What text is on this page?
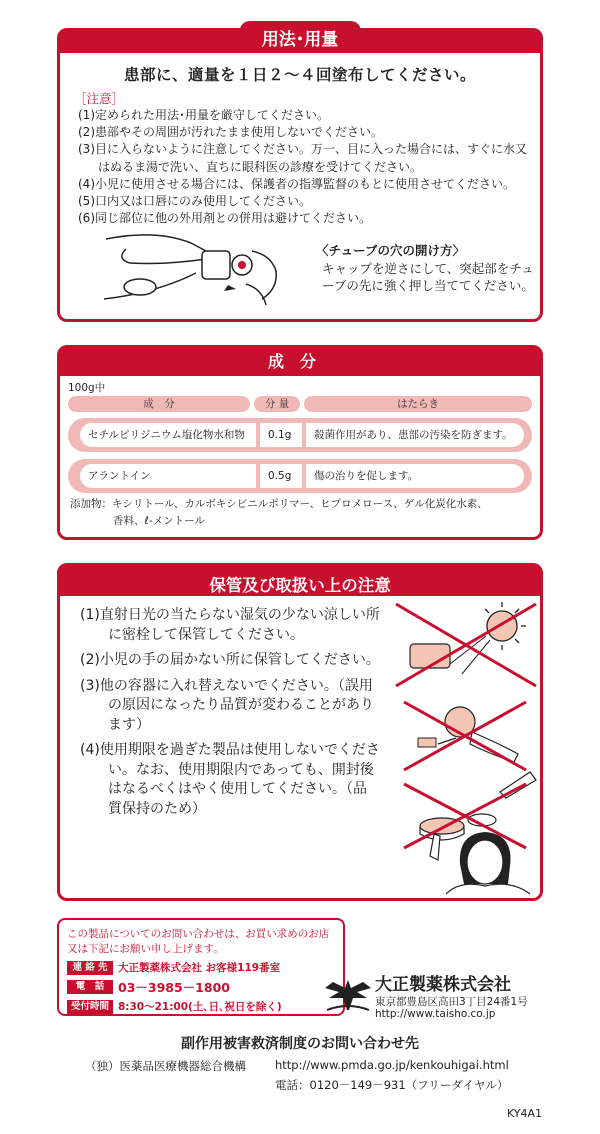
用法･用量
患部に、適量を１日２～４回塗布してください。
［注意］
(1)定められた用法･用量を厳守してください。
(2)患部やその周囲が汚れたまま使用しないでください。
(3)目に入らないように注意してください。万一、目に入った場合には、すぐに水又はぬるま湯で洗い、直ちに眼科医の診療を受けてください。
(4)小児に使用させる場合には、保護者の指導監督のもとに使用させてください。
(5)口内又は口唇にのみ使用してください。
(6)同じ部位に他の外用剤との併用は避けてください。
〈チューブの穴の開け方〉
キャップを逆さにして、突起部をチューブの先に強く押し当ててください。
成分
100g中
成　分	分 量	はたらき
セチルピリジニウム塩化物水和物	0.1g	殺菌作用があり、患部の汚染を防ぎます。
アラントイン	0.5g	傷の治りを促します。
添加物：キシリトール、カルボキシビニルポリマー、ヒプロメロース、ゲル化炭化水素、
香料、ℓ-メントール
保管及び取扱い上の注意
(1)直射日光の当たらない湿気の少ない涼しい所に密栓して保管してください。
(2)小児の手の届かない所に保管してください。
(3)他の容器に入れ替えないでください。（誤用の原因になったり品質が変わることがあります）
(4)使用期限を過ぎた製品は使用しないでください。なお、使用期限内であっても、開封後はなるべくはやく使用してください。（品質保持のため）

この製品についてのお問い合わせは、お買い求めのお店又は下記にお願い申し上げます。

連 絡 先 大正製薬株式会社 お客様119番室
電　話	03－3985－1800
受付時間 8:30～21:00(土､日､祝日を除く)
大正製薬株式会社
東京都豊島区高田3丁目24番1号
http://www.taisho.co.jp
副作用被害救済制度のお問い合わせ先
（独）医薬品医療機器総合機構	http://www.pmda.go.jp/kenkouhigai.html
電話：0120－149－931（フリーダイヤル）
KY4A1
